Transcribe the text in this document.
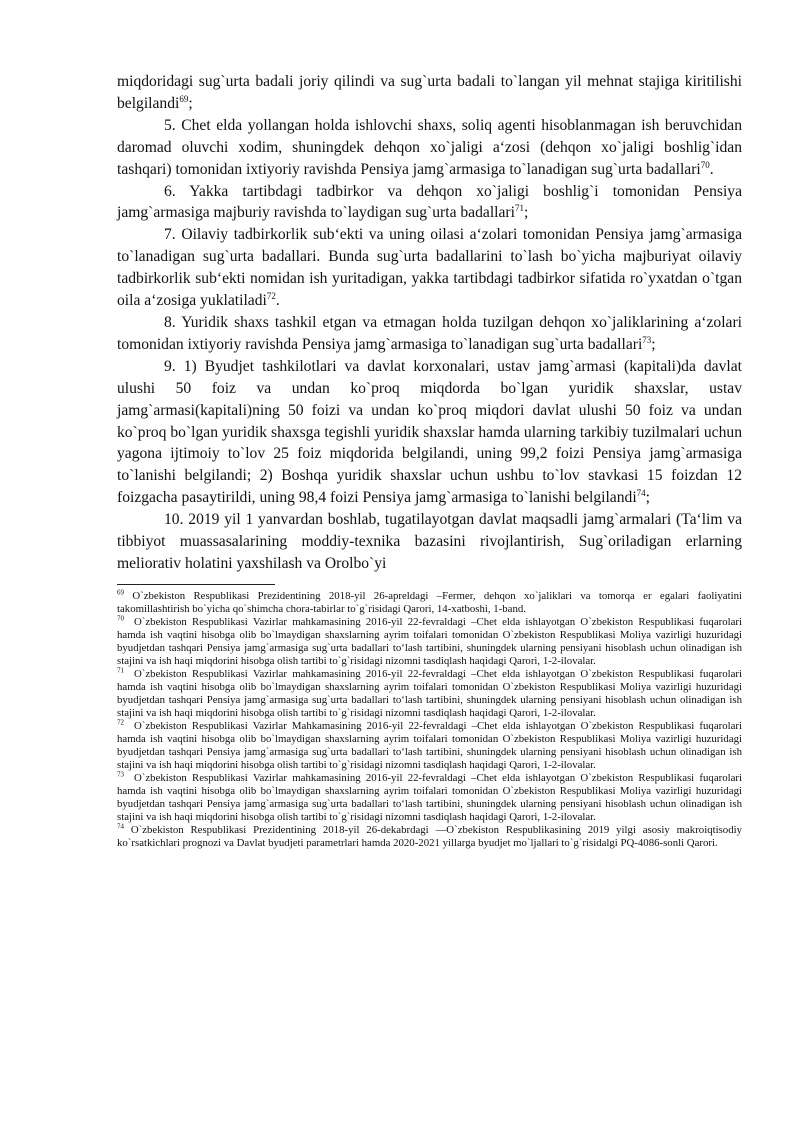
miqdoridagi sug`urta badali joriy qilindi va sug`urta badali to`langan yil mehnat stajiga kiritilishi belgilandi$^{69}$;

5. Chet elda yollangan holda ishlovchi shaxs, soliq agenti hisoblanmagan ish beruvchidan daromad oluvchi xodim, shuningdek dehqon xo`jaligi a‘zosi (dehqon xo`jaligi boshlig`idan tashqari) tomonidan ixtiyoriy ravishda Pensiya jamg`armasiga to`lanadigan sug`urta badallari$^{70}$.

6. Yakka tartibdagi tadbirkor va dehqon xo`jaligi boshlig`i tomonidan Pensiya jamg`armasiga majburiy ravishda to`laydigan sug`urta badallari$^{71}$;

7. Oilaviy tadbirkorlik sub‘ekti va uning oilasi a‘zolari tomonidan Pensiya jamg`armasiga to`lanadigan sug`urta badallari. Bunda sug`urta badallarini to`lash bo`yicha majburiyat oilaviy tadbirkorlik sub‘ekti nomidan ish yuritadigan, yakka tartibdagi tadbirkor sifatida ro`yxatdan o`tgan oila a‘zosiga yuklatiladi$^{72}$.

8. Yuridik shaxs tashkil etgan va etmagan holda tuzilgan dehqon xo`jaliklarining a‘zolari tomonidan ixtiyoriy ravishda Pensiya jamg`armasiga to`lanadigan sug`urta badallari$^{73}$;

9. 1) Byudjet tashkilotlari va davlat korxonalari, ustav jamg`armasi (kapitali)da davlat ulushi 50 foiz va undan ko`proq miqdorda bo`lgan yuridik shaxslar, ustav jamg`armasi(kapitali)ning 50 foizi va undan ko`proq miqdori davlat ulushi 50 foiz va undan ko`proq bo`lgan yuridik shaxsga tegishli yuridik shaxslar hamda ularning tarkibiy tuzilmalari uchun yagona ijtimoiy to`lov 25 foiz miqdorida belgilandi, uning 99,2 foizi Pensiya jamg`armasiga to`lanishi belgilandi; 2) Boshqa yuridik shaxslar uchun ushbu to`lov stavkasi 15 foizdan 12 foizgacha pasaytirildi, uning 98,4 foizi Pensiya jamg`armasiga to`lanishi belgilandi$^{74}$;

10. 2019 yil 1 yanvardan boshlab, tugatilayotgan davlat maqsadli jamg`armalari (Ta‘lim va tibbiyot muassasalarining moddiy-texnika bazasini rivojlantirish, Sug`oriladigan erlarning meliorativ holatini yaxshilash va Orolbo`yi

$^{69}$ O`zbekiston Respublikasi Prezidentining 2018-yil 26-apreldagi –Fermer, dehqon xo`jaliklari va tomorqa er egalari faoliyatini takomillashtirish bo`yicha qo`shimcha chora-tabirlar to`g`risidagi Qarori, 14-xatboshi, 1-band.

$^{70}$ O`zbekiston Respublikasi Vazirlar mahkamasining 2016-yil 22-fevraldagi –Chet elda ishlayotgan O`zbekiston Respublikasi fuqarolari hamda ish vaqtini hisobga olib bo`lmaydigan shaxslarning ayrim toifalari tomonidan O`zbekiston Respublikasi Moliya vazirligi huzuridagi byudjetdan tashqari Pensiya jamg`armasiga sug`urta badallari to‘lash tartibini, shuningdek ularning pensiyani hisoblash uchun olinadigan ish stajini va ish haqi miqdorini hisobga olish tartibi to`g`risidagi nizomni tasdiqlash haqidagi Qarori, 1-2-ilovalar.

$^{71}$ O`zbekiston Respublikasi Vazirlar mahkamasining 2016-yil 22-fevraldagi –Chet elda ishlayotgan O`zbekiston Respublikasi fuqarolari hamda ish vaqtini hisobga olib bo`lmaydigan shaxslarning ayrim toifalari tomonidan O`zbekiston Respublikasi Moliya vazirligi huzuridagi byudjetdan tashqari Pensiya jamg`armasiga sug`urta badallari to‘lash tartibini, shuningdek ularning pensiyani hisoblash uchun olinadigan ish stajini va ish haqi miqdorini hisobga olish tartibi to`g`risidagi nizomni tasdiqlash haqidagi Qarori, 1-2-ilovalar.

$^{72}$ O`zbekiston Respublikasi Vazirlar Mahkamasining 2016-yil 22-fevraldagi –Chet elda ishlayotgan O`zbekiston Respublikasi fuqarolari hamda ish vaqtini hisobga olib bo`lmaydigan shaxslarning ayrim toifalari tomonidan O`zbekiston Respublikasi Moliya vazirligi huzuridagi byudjetdan tashqari Pensiya jamg`armasiga sug`urta badallari to‘lash tartibini, shuningdek ularning pensiyani hisoblash uchun olinadigan ish stajini va ish haqi miqdorini hisobga olish tartibi to`g`risidagi nizomni tasdiqlash haqidagi Qarori, 1-2-ilovalar.

$^{73}$ O`zbekiston Respublikasi Vazirlar mahkamasining 2016-yil 22-fevraldagi –Chet elda ishlayotgan O`zbekiston Respublikasi fuqarolari hamda ish vaqtini hisobga olib bo`lmaydigan shaxslarning ayrim toifalari tomonidan O`zbekiston Respublikasi Moliya vazirligi huzuridagi byudjetdan tashqari Pensiya jamg`armasiga sug`urta badallari to‘lash tartibini, shuningdek ularning pensiyani hisoblash uchun olinadigan ish stajini va ish haqi miqdorini hisobga olish tartibi to`g`risidagi nizomni tasdiqlash haqidagi Qarori, 1-2-ilovalar.

$^{74}$ O`zbekiston Respublikasi Prezidentining 2018-yil 26-dekabrdagi —O`zbekiston Respublikasining 2019 yilgi asosiy makroiqtisodiy ko`rsatkichlari prognozi va Davlat byudjeti parametrlari hamda 2020-2021 yillarga byudjet mo`ljallari to`g`risidalgi PQ-4086-sonli Qarori.
